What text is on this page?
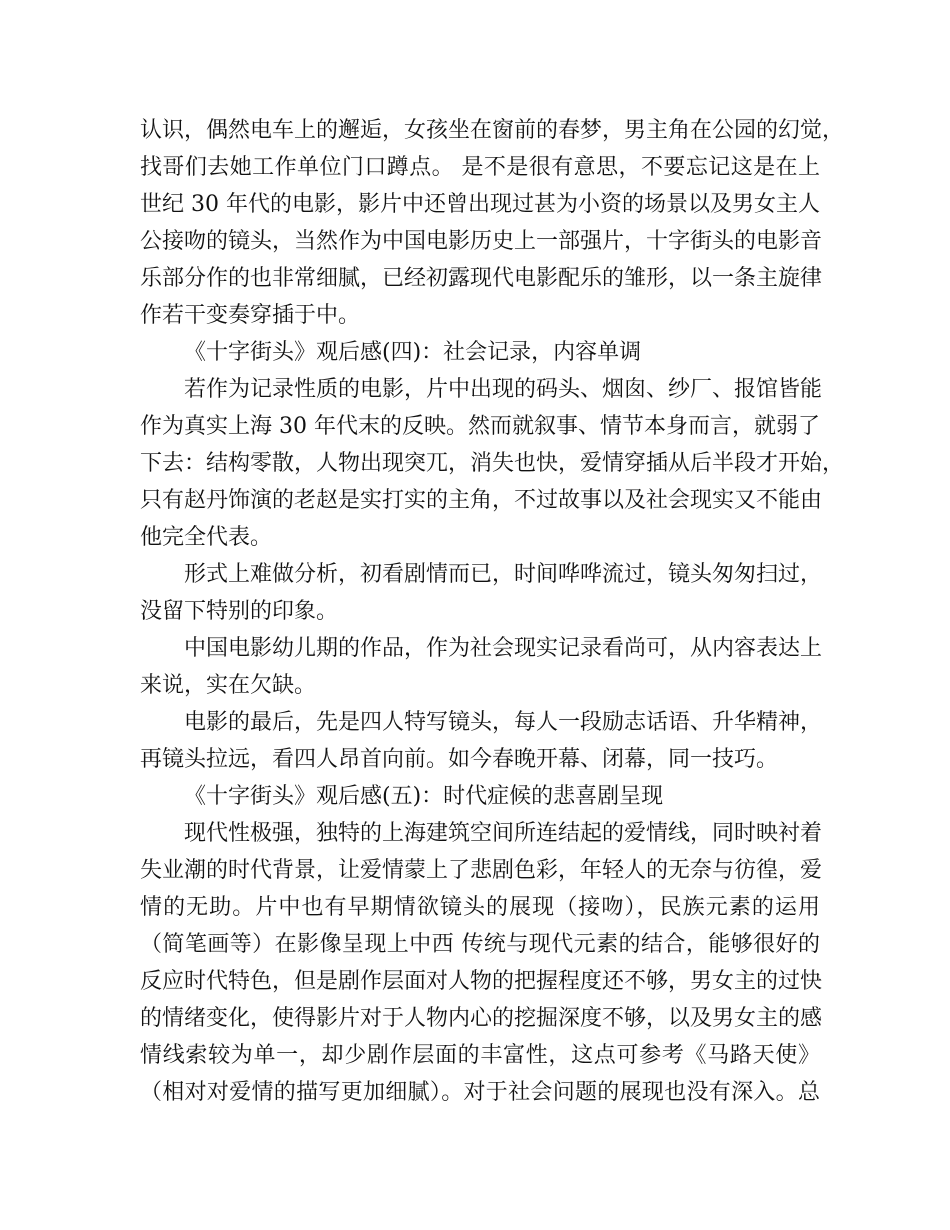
认识，偶然电车上的邂逅，女孩坐在窗前的春梦，男主角在公园的幻觉，
找哥们去她工作单位门口蹲点。 是不是很有意思，不要忘记这是在上
世纪 30 年代的电影，影片中还曾出现过甚为小资的场景以及男女主人
公接吻的镜头，当然作为中国电影历史上一部强片，十字街头的电影音
乐部分作的也非常细腻，已经初露现代电影配乐的雏形，以一条主旋律
作若干变奏穿插于中。
《十字街头》观后感(四)：社会记录，内容单调
若作为记录性质的电影，片中出现的码头、烟囱、纱厂、报馆皆能
作为真实上海 30 年代末的反映。然而就叙事、情节本身而言，就弱了
下去：结构零散，人物出现突兀，消失也快，爱情穿插从后半段才开始，
只有赵丹饰演的老赵是实打实的主角，不过故事以及社会现实又不能由
他完全代表。
形式上难做分析，初看剧情而已，时间哗哗流过，镜头匆匆扫过，
没留下特别的印象。
中国电影幼儿期的作品，作为社会现实记录看尚可，从内容表达上
来说，实在欠缺。
电影的最后，先是四人特写镜头，每人一段励志话语、升华精神，
再镜头拉远，看四人昂首向前。如今春晚开幕、闭幕，同一技巧。
《十字街头》观后感(五)：时代症候的悲喜剧呈现
现代性极强，独特的上海建筑空间所连结起的爱情线，同时映衬着
失业潮的时代背景，让爱情蒙上了悲剧色彩，年轻人的无奈与彷徨，爱
情的无助。片中也有早期情欲镜头的展现（接吻），民族元素的运用
（简笔画等）在影像呈现上中西 传统与现代元素的结合，能够很好的
反应时代特色，但是剧作层面对人物的把握程度还不够，男女主的过快
的情绪变化，使得影片对于人物内心的挖掘深度不够，以及男女主的感
情线索较为单一，却少剧作层面的丰富性，这点可参考《马路天使》
（相对对爱情的描写更加细腻）。对于社会问题的展现也没有深入。总
